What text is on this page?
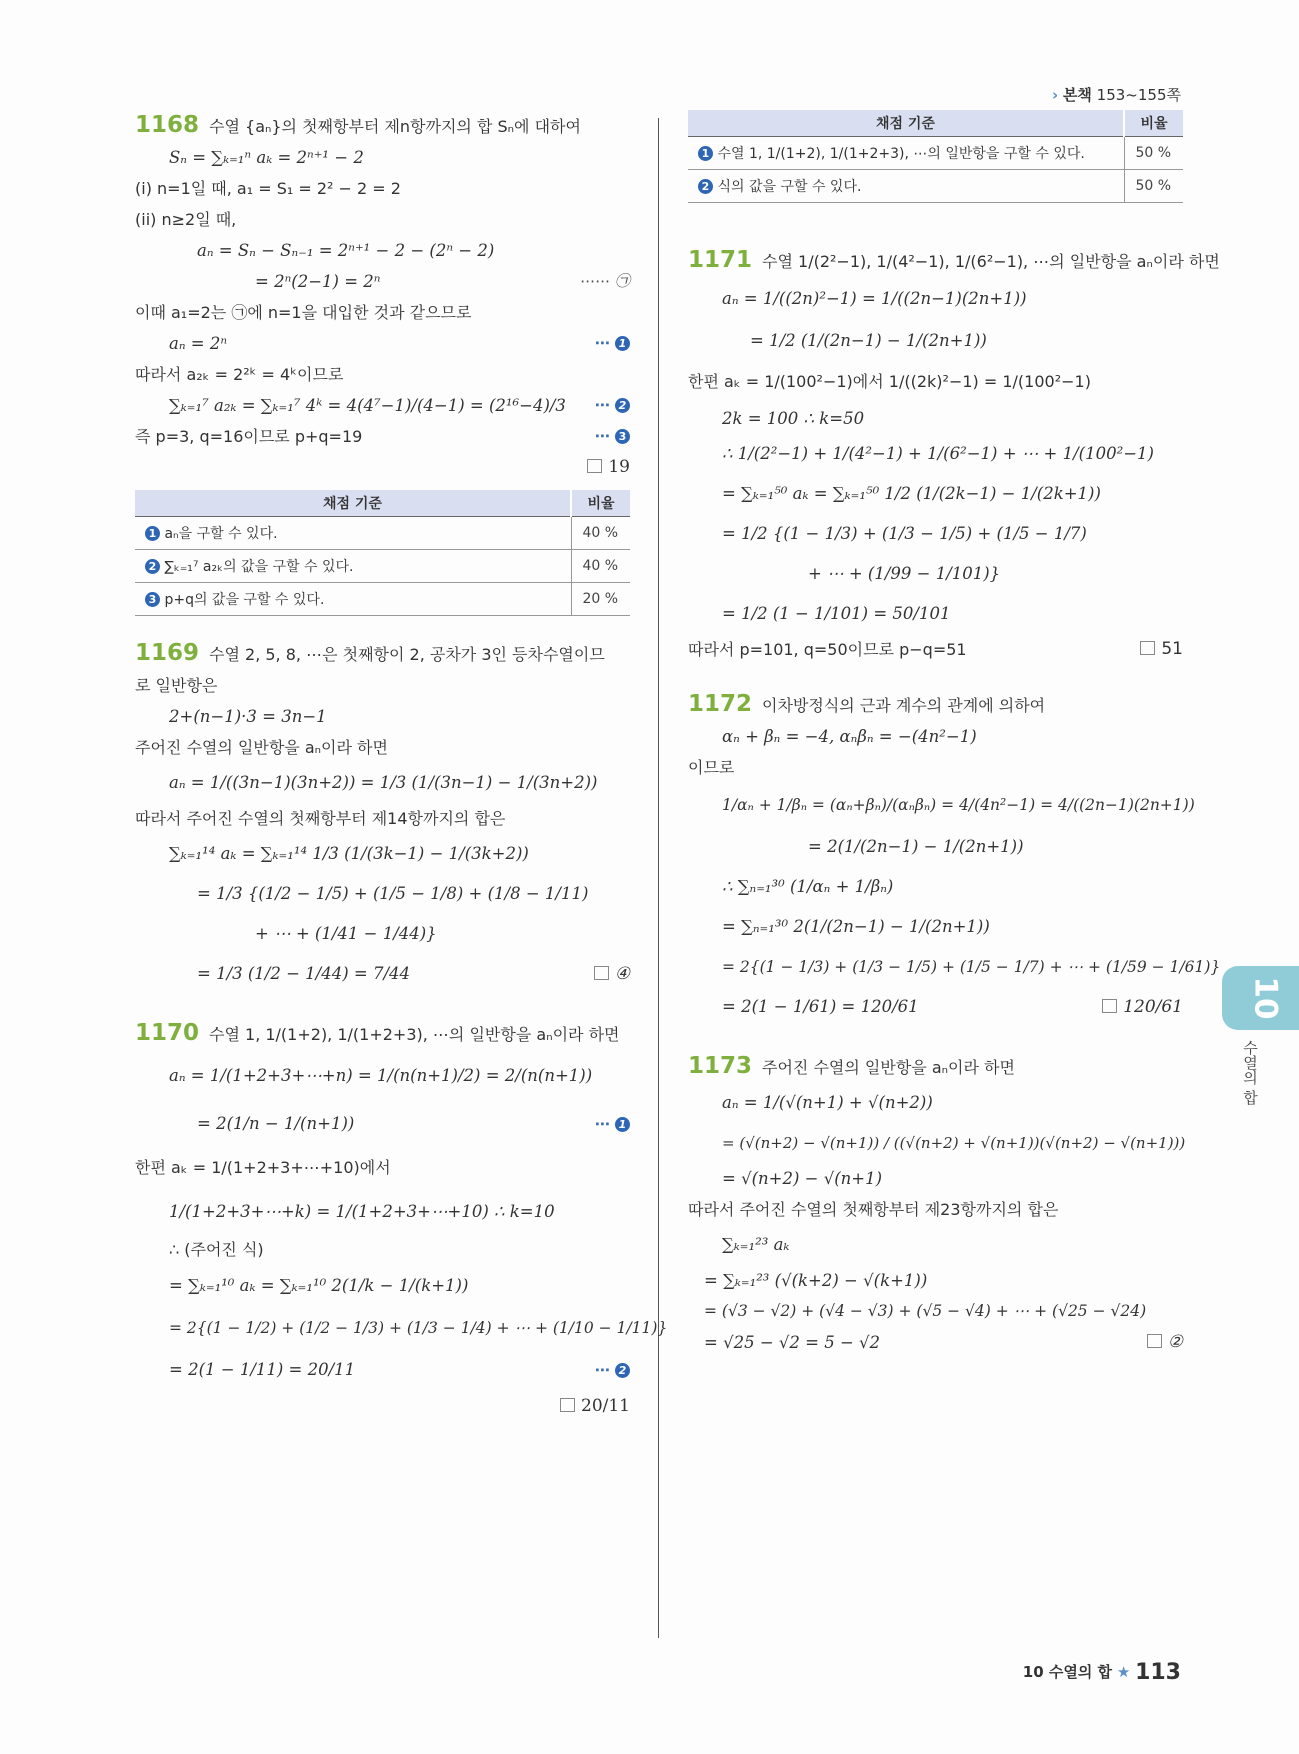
› 본책 153~155쪽
1168 수열 {aₙ}의 첫째항부터 제n항까지의 합 Sₙ에 대하여
Sₙ = ∑ₖ₌₁ⁿ aₖ = 2ⁿ⁺¹ − 2
(i) n=1일 때, a₁ = S₁ = 2² − 2 = 2
(ii) n≥2일 때,
aₙ = Sₙ − Sₙ₋₁ = 2ⁿ⁺¹ − 2 − (2ⁿ − 2)
= 2ⁿ(2−1) = 2ⁿ	⋯⋯ ㉠
이때 a₁=2는 ㉠에 n=1을 대입한 것과 같으므로
aₙ = 2ⁿ	⋯ 1
따라서 a₂ₖ = 2²ᵏ = 4ᵏ이므로
∑ₖ₌₁⁷ a₂ₖ = ∑ₖ₌₁⁷ 4ᵏ = 4(4⁷−1)/(4−1) = (2¹⁶−4)/3 ⋯ 2
즉 p=3, q=16이므로 p+q=19	⋯ 3
19
채점 기준	비율
1 aₙ을 구할 수 있다.	40 %
2 ∑ₖ₌₁⁷ a₂ₖ의 값을 구할 수 있다.	40 %
3 p+q의 값을 구할 수 있다.	20 %
1169 수열 2, 5, 8, ⋯은 첫째항이 2, 공차가 3인 등차수열이므
로 일반항은
2+(n−1)·3 = 3n−1
주어진 수열의 일반항을 aₙ이라 하면
aₙ = 1/((3n−1)(3n+2)) = 1/3 (1/(3n−1) − 1/(3n+2))
따라서 주어진 수열의 첫째항부터 제14항까지의 합은
∑ₖ₌₁¹⁴ aₖ = ∑ₖ₌₁¹⁴ 1/3 (1/(3k−1) − 1/(3k+2))
= 1/3 {(1/2 − 1/5) + (1/5 − 1/8) + (1/8 − 1/11)
+ ⋯ + (1/41 − 1/44)}
= 1/3 (1/2 − 1/44) = 7/44	④
1170 수열 1, 1/(1+2), 1/(1+2+3), ⋯의 일반항을 aₙ이라 하면
aₙ = 1/(1+2+3+⋯+n) = 1/(n(n+1)/2) = 2/(n(n+1))
= 2(1/n − 1/(n+1))	⋯ 1
한편 aₖ = 1/(1+2+3+⋯+10)에서
1/(1+2+3+⋯+k) = 1/(1+2+3+⋯+10) ∴ k=10
∴ (주어진 식)
= ∑ₖ₌₁¹⁰ aₖ = ∑ₖ₌₁¹⁰ 2(1/k − 1/(k+1))
= 2{(1 − 1/2) + (1/2 − 1/3) + (1/3 − 1/4) + ⋯ + (1/10 − 1/11)}
= 2(1 − 1/11) = 20/11	⋯ 2
20/11
채점 기준	비율
1 수열 1, 1/(1+2), 1/(1+2+3), ⋯의 일반항을 구할 수 있다.	50 %
2 식의 값을 구할 수 있다.	50 %
1171 수열 1/(2²−1), 1/(4²−1), 1/(6²−1), ⋯의 일반항을 aₙ이라 하면
aₙ = 1/((2n)²−1) = 1/((2n−1)(2n+1))
= 1/2 (1/(2n−1) − 1/(2n+1))
한편 aₖ = 1/(100²−1)에서 1/((2k)²−1) = 1/(100²−1)
2k = 100 ∴ k=50
∴ 1/(2²−1) + 1/(4²−1) + 1/(6²−1) + ⋯ + 1/(100²−1)
= ∑ₖ₌₁⁵⁰ aₖ = ∑ₖ₌₁⁵⁰ 1/2 (1/(2k−1) − 1/(2k+1))
= 1/2 {(1 − 1/3) + (1/3 − 1/5) + (1/5 − 1/7)
+ ⋯ + (1/99 − 1/101)}
= 1/2 (1 − 1/101) = 50/101
따라서 p=101, q=50이므로 p−q=51	51
1172 이차방정식의 근과 계수의 관계에 의하여
αₙ + βₙ = −4, αₙβₙ = −(4n²−1)
이므로
1/αₙ + 1/βₙ = (αₙ+βₙ)/(αₙβₙ) = 4/(4n²−1) = 4/((2n−1)(2n+1))
= 2(1/(2n−1) − 1/(2n+1))
∴ ∑ₙ₌₁³⁰ (1/αₙ + 1/βₙ)
= ∑ₙ₌₁³⁰ 2(1/(2n−1) − 1/(2n+1))
= 2{(1 − 1/3) + (1/3 − 1/5) + (1/5 − 1/7) + ⋯ + (1/59 − 1/61)}
= 2(1 − 1/61) = 120/61	120/61
1173 주어진 수열의 일반항을 aₙ이라 하면
aₙ = 1/(√(n+1) + √(n+2))
= (√(n+2) − √(n+1)) / ((√(n+2) + √(n+1))(√(n+2) − √(n+1)))
= √(n+2) − √(n+1)
따라서 주어진 수열의 첫째항부터 제23항까지의 합은
∑ₖ₌₁²³ aₖ
= ∑ₖ₌₁²³ (√(k+2) − √(k+1))
= (√3 − √2) + (√4 − √3) + (√5 − √4) + ⋯ + (√25 − √24)
= √25 − √2 = 5 − √2	②
10
수열의 합
10 수열의 합 ★ 113
